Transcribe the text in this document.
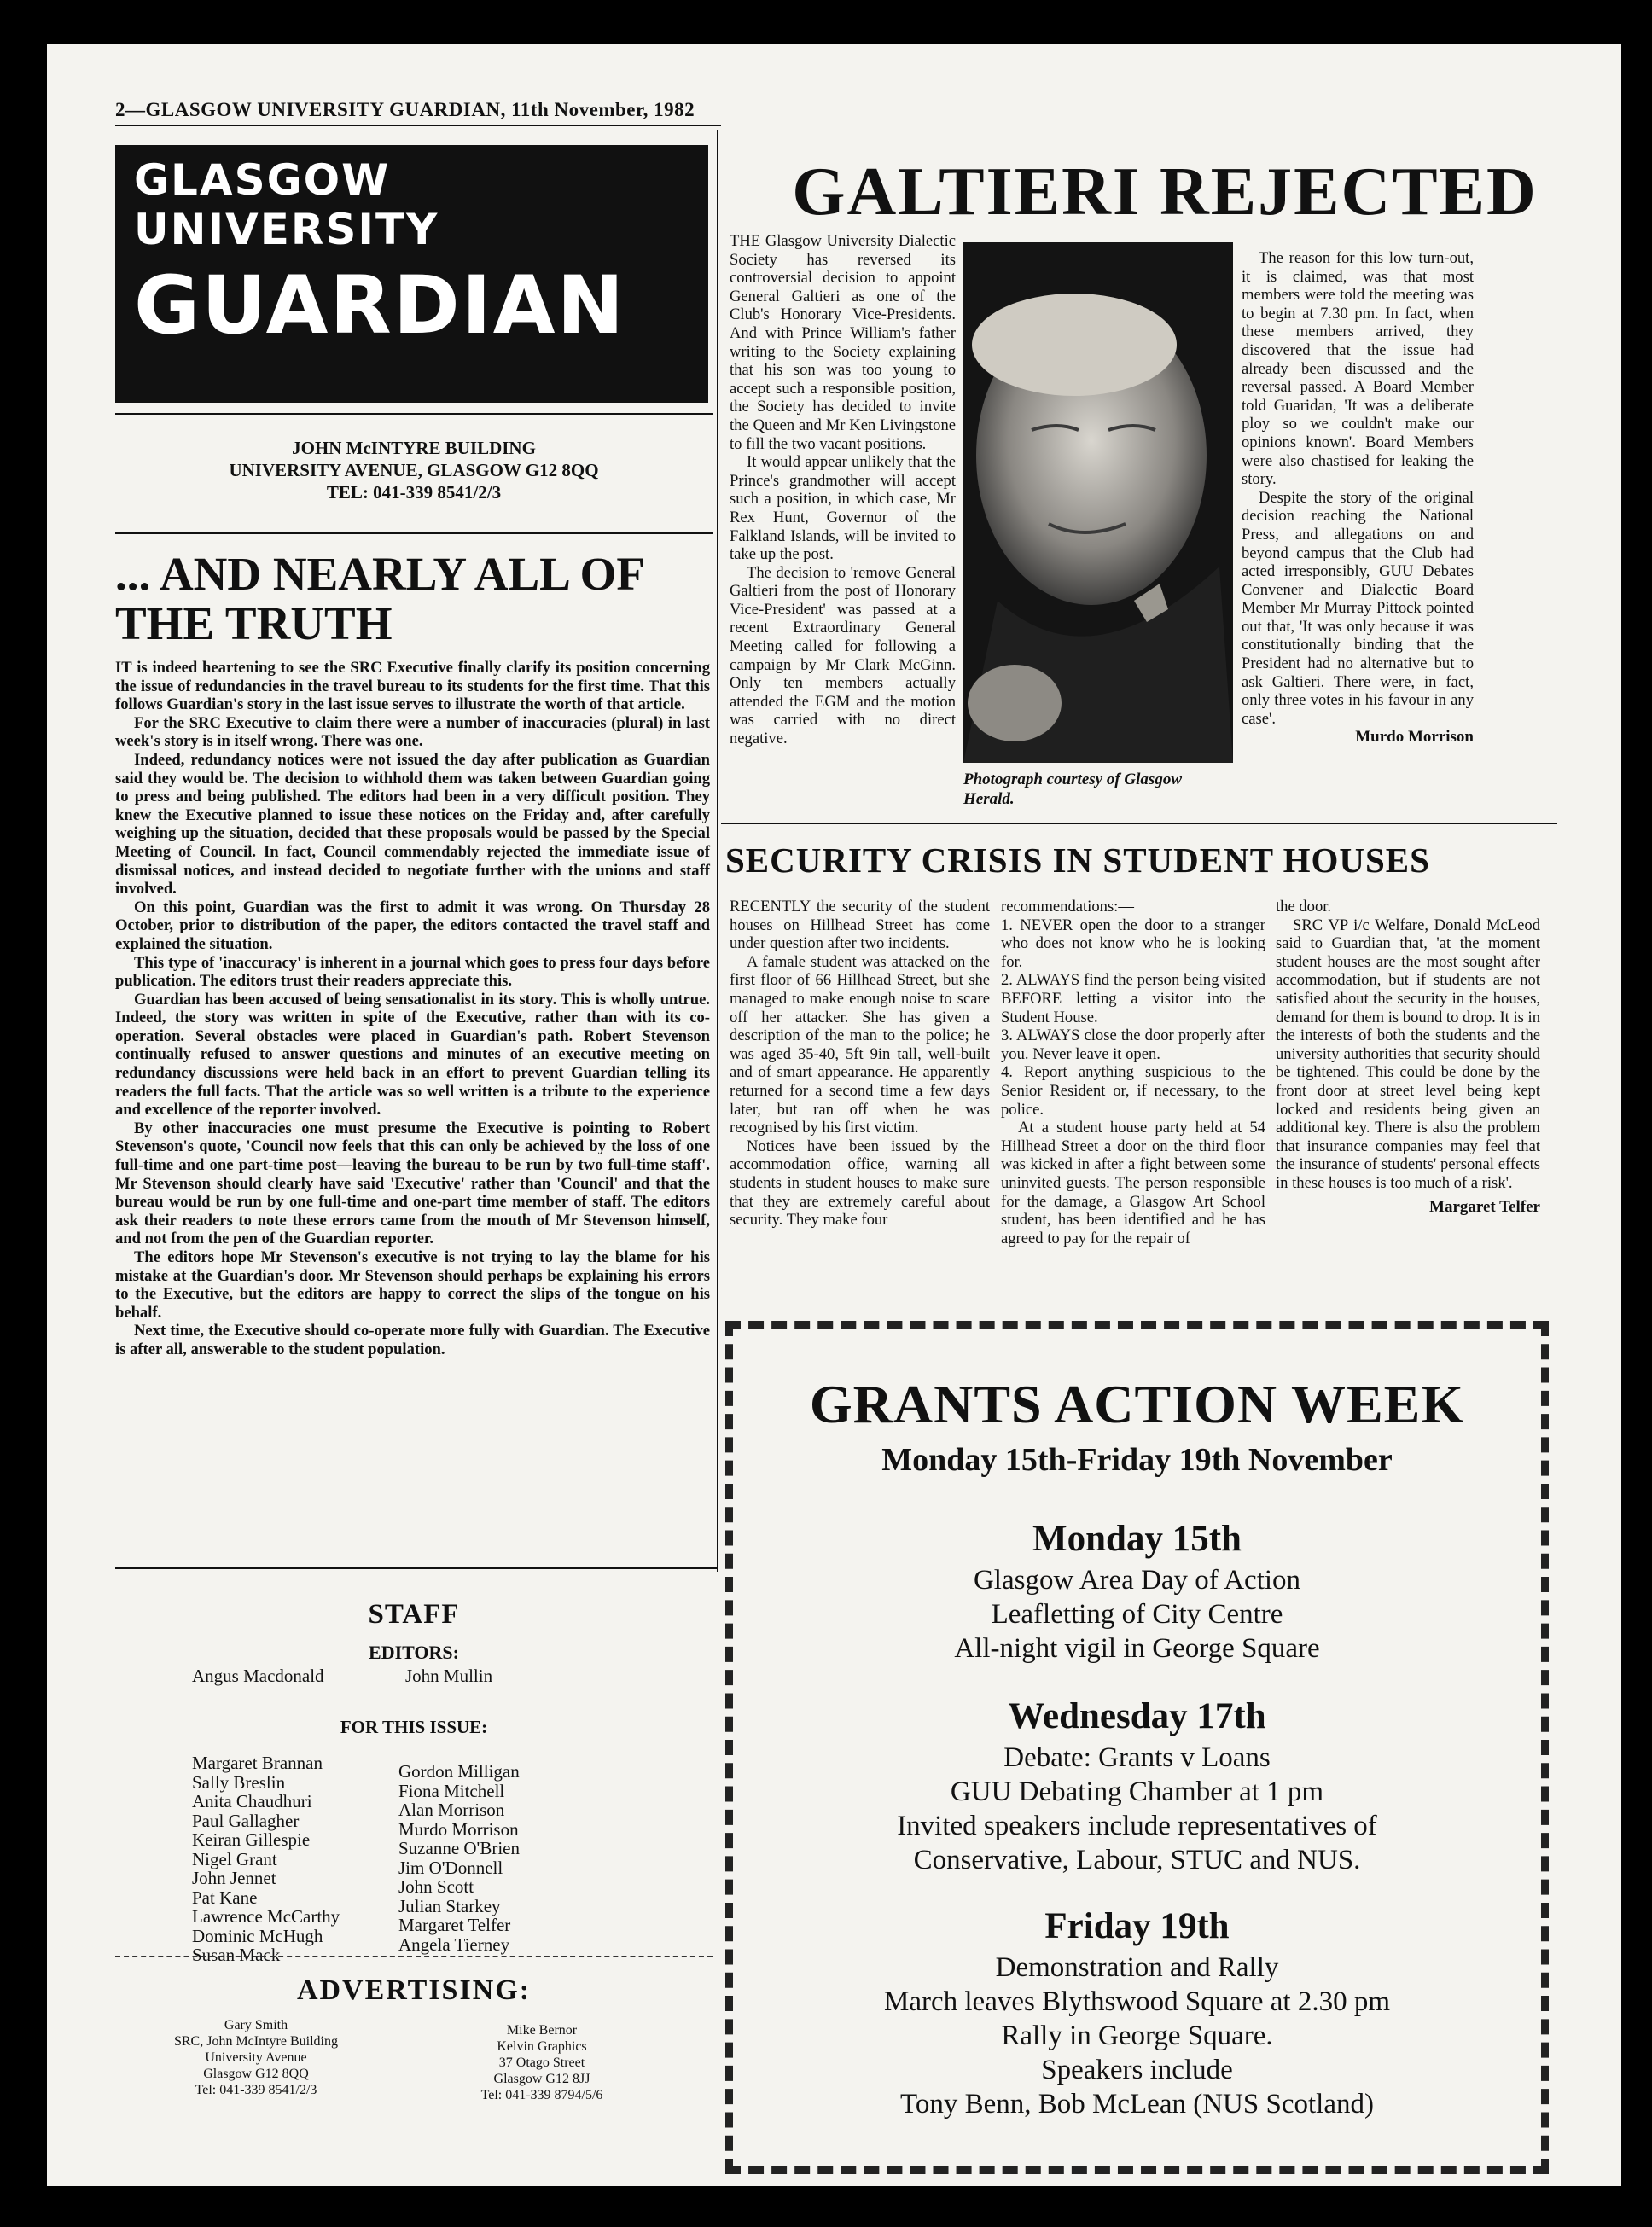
2—GLASGOW UNIVERSITY GUARDIAN, 11th November, 1982
GLASGOW
UNIVERSITY
GUARDIAN
JOHN McINTYRE BUILDING
UNIVERSITY AVENUE, GLASGOW G12 8QQ
TEL: 041-339 8541/2/3
... AND NEARLY ALL OF THE TRUTH

IT is indeed heartening to see the SRC Executive finally clarify its position concerning the issue of redundancies in the travel bureau to its students for the first time. That this follows Guardian's story in the last issue serves to illustrate the worth of that article.

For the SRC Executive to claim there were a number of inaccuracies (plural) in last week's story is in itself wrong. There was one.

Indeed, redundancy notices were not issued the day after publication as Guardian said they would be. The decision to withhold them was taken between Guardian going to press and being published. The editors had been in a very difficult position. They knew the Executive planned to issue these notices on the Friday and, after carefully weighing up the situation, decided that these proposals would be passed by the Special Meeting of Council. In fact, Council commendably rejected the immediate issue of dismissal notices, and instead decided to negotiate further with the unions and staff involved.

On this point, Guardian was the first to admit it was wrong. On Thursday 28 October, prior to distribution of the paper, the editors contacted the travel staff and explained the situation.

This type of 'inaccuracy' is inherent in a journal which goes to press four days before publication. The editors trust their readers appreciate this.

Guardian has been accused of being sensationalist in its story. This is wholly untrue. Indeed, the story was written in spite of the Executive, rather than with its co-operation. Several obstacles were placed in Guardian's path. Robert Stevenson continually refused to answer questions and minutes of an executive meeting on redundancy discussions were held back in an effort to prevent Guardian telling its readers the full facts. That the article was so well written is a tribute to the experience and excellence of the reporter involved.

By other inaccuracies one must presume the Executive is pointing to Robert Stevenson's quote, 'Council now feels that this can only be achieved by the loss of one full-time and one part-time post—leaving the bureau to be run by two full-time staff'. Mr Stevenson should clearly have said 'Executive' rather than 'Council' and that the bureau would be run by one full-time and one-part time member of staff. The editors ask their readers to note these errors came from the mouth of Mr Stevenson himself, and not from the pen of the Guardian reporter.

The editors hope Mr Stevenson's executive is not trying to lay the blame for his mistake at the Guardian's door. Mr Stevenson should perhaps be explaining his errors to the Executive, but the editors are happy to correct the slips of the tongue on his behalf.

Next time, the Executive should co-operate more fully with Guardian. The Executive is after all, answerable to the student population.

STAFF
EDITORS:
Angus Macdonald	John Mullin
FOR THIS ISSUE:
Margaret Brannan
Sally Breslin
Anita Chaudhuri
Paul Gallagher
Keiran Gillespie
Nigel Grant
John Jennet
Pat Kane
Lawrence McCarthy
Dominic McHugh
Susan Mack
Gordon Milligan
Fiona Mitchell
Alan Morrison
Murdo Morrison
Suzanne O'Brien
Jim O'Donnell
John Scott
Julian Starkey
Margaret Telfer
Angela Tierney
ADVERTISING:
Gary Smith
SRC, John McIntyre Building
University Avenue
Glasgow G12 8QQ
Tel: 041-339 8541/2/3
Mike Bernor
Kelvin Graphics
37 Otago Street
Glasgow G12 8JJ
Tel: 041-339 8794/5/6
GALTIERI REJECTED

THE Glasgow University Dialectic Society has reversed its controversial decision to appoint General Galtieri as one of the Club's Honorary Vice-Presidents. And with Prince William's father writing to the Society explaining that his son was too young to accept such a responsible position, the Society has decided to invite the Queen and Mr Ken Livingstone to fill the two vacant positions.

It would appear unlikely that the Prince's grandmother will accept such a position, in which case, Mr Rex Hunt, Governor of the Falkland Islands, will be invited to take up the post.

The decision to 'remove General Galtieri from the post of Honorary Vice-President' was passed at a recent Extraordinary General Meeting called for following a campaign by Mr Clark McGinn. Only ten members actually attended the EGM and the motion was carried with no direct negative.

Photograph courtesy of Glasgow Herald.

The reason for this low turn-out, it is claimed, was that most members were told the meeting was to begin at 7.30 pm. In fact, when these members arrived, they discovered that the issue had already been discussed and the reversal passed. A Board Member told Guaridan, 'It was a deliberate ploy so we couldn't make our opinions known'. Board Members were also chastised for leaking the story.

Despite the story of the original decision reaching the National Press, and allegations on and beyond campus that the Club had acted irresponsibly, GUU Debates Convener and Dialectic Board Member Mr Murray Pittock pointed out that, 'It was only because it was constitutionally binding that the President had no alternative but to ask Galtieri. There were, in fact, only three votes in his favour in any case'.

Murdo Morrison
SECURITY CRISIS IN STUDENT HOUSES

RECENTLY the security of the student houses on Hillhead Street has come under question after two incidents.

A famale student was attacked on the first floor of 66 Hillhead Street, but she managed to make enough noise to scare off her attacker. She has given a description of the man to the police; he was aged 35-40, 5ft 9in tall, well-built and of smart appearance. He apparently returned for a second time a few days later, but ran off when he was recognised by his first victim.

Notices have been issued by the accommodation office, warning all students in student houses to make sure that they are extremely careful about security. They make four

recommendations:—

1. NEVER open the door to a stranger who does not know who he is looking for.

2. ALWAYS find the person being visited BEFORE letting a visitor into the Student House.

3. ALWAYS close the door properly after you. Never leave it open.

4. Report anything suspicious to the Senior Resident or, if necessary, to the police.

At a student house party held at 54 Hillhead Street a door on the third floor was kicked in after a fight between some uninvited guests. The person responsible for the damage, a Glasgow Art School student, has been identified and he has agreed to pay for the repair of

the door.

SRC VP i/c Welfare, Donald McLeod said to Guardian that, 'at the moment student houses are the most sought after accommodation, but if students are not satisfied about the security in the houses, demand for them is bound to drop. It is in the interests of both the students and the university authorities that security should be tightened. This could be done by the front door at street level being kept locked and residents being given an additional key. There is also the problem that insurance companies may feel that the insurance of students' personal effects in these houses is too much of a risk'.

Margaret Telfer
GRANTS ACTION WEEK
Monday 15th-Friday 19th November
Monday 15th
Glasgow Area Day of Action
Leafletting of City Centre
All-night vigil in George Square
Wednesday 17th
Debate: Grants v Loans
GUU Debating Chamber at 1 pm
Invited speakers include representatives of
Conservative, Labour, STUC and NUS.
Friday 19th
Demonstration and Rally
March leaves Blythswood Square at 2.30 pm
Rally in George Square.
Speakers include
Tony Benn, Bob McLean (NUS Scotland)
